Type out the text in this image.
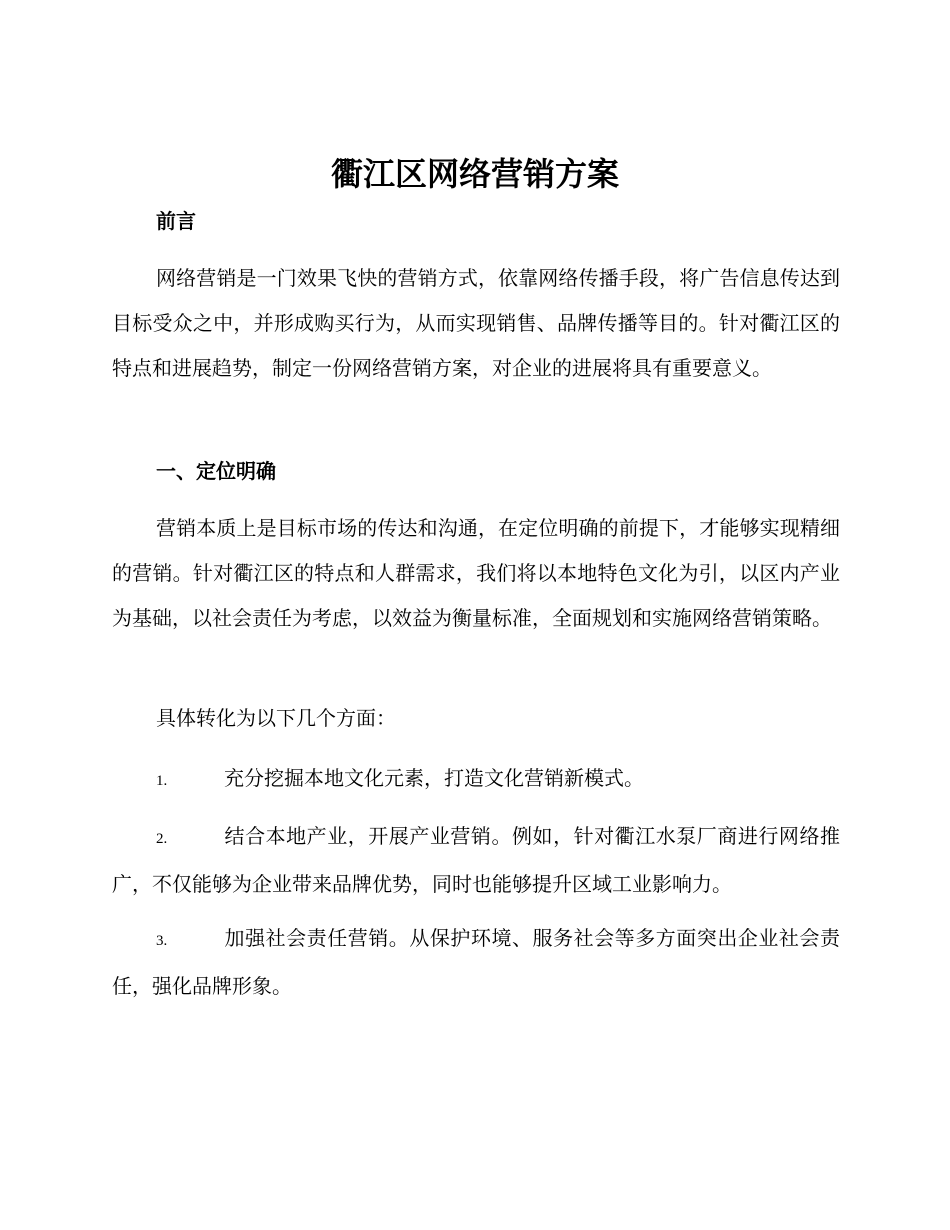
衢江区网络营销方案
前言

网络营销是一门效果飞快的营销方式，依靠网络传播手段，将广告信息传达到目标受众之中，并形成购买行为，从而实现销售、品牌传播等目的。针对衢江区的特点和进展趋势，制定一份网络营销方案，对企业的进展将具有重要意义。

一、定位明确

营销本质上是目标市场的传达和沟通，在定位明确的前提下，才能够实现精细的营销。针对衢江区的特点和人群需求，我们将以本地特色文化为引，以区内产业为基础，以社会责任为考虑，以效益为衡量标准，全面规划和实施网络营销策略。

具体转化为以下几个方面：

1.	充分挖掘本地文化元素，打造文化营销新模式。

2.	结合本地产业，开展产业营销。例如，针对衢江水泵厂商进行网络推广，不仅能够为企业带来品牌优势，同时也能够提升区域工业影响力。

3.	加强社会责任营销。从保护环境、服务社会等多方面突出企业社会责任，强化品牌形象。
